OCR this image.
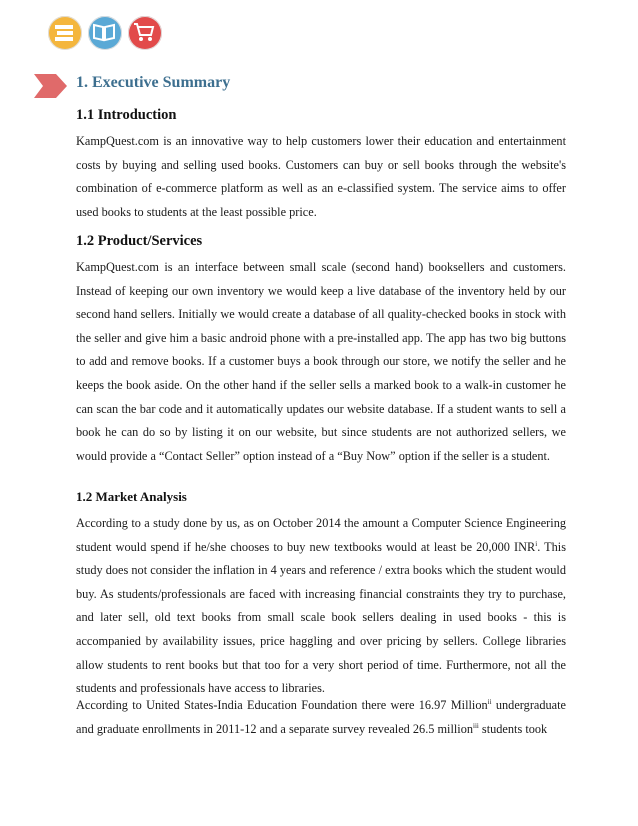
1. Executive Summary
1.1 Introduction

KampQuest.com is an innovative way to help customers lower their education and entertainment costs by buying and selling used books. Customers can buy or sell books through the website's combination of e-commerce platform as well as an e-classified system. The service aims to offer used books to students at the least possible price.

1.2 Product/Services

KampQuest.com is an interface between small scale (second hand) booksellers and customers. Instead of keeping our own inventory we would keep a live database of the inventory held by our second hand sellers. Initially we would create a database of all quality-checked books in stock with the seller and give him a basic android phone with a pre-installed app. The app has two big buttons to add and remove books. If a customer buys a book through our store, we notify the seller and he keeps the book aside. On the other hand if the seller sells a marked book to a walk-in customer he can scan the bar code and it automatically updates our website database. If a student wants to sell a book he can do so by listing it on our website, but since students are not authorized sellers, we would provide a “Contact Seller” option instead of a “Buy Now” option if the seller is a student.

1.2 Market Analysis

According to a study done by us, as on October 2014 the amount a Computer Science Engineering student would spend if he/she chooses to buy new textbooks would at least be 20,000 INR$^i$. This study does not consider the inflation in 4 years and reference / extra books which the student would buy. As students/professionals are faced with increasing financial constraints they try to purchase, and later sell, old text books from small scale book sellers dealing in used books - this is accompanied by availability issues, price haggling and over pricing by sellers. College libraries allow students to rent books but that too for a very short period of time. Furthermore, not all the students and professionals have access to libraries.

According to United States-India Education Foundation there were 16.97 Million$^{ii}$ undergraduate and graduate enrollments in 2011-12 and a separate survey revealed 26.5 million$^{iii}$ students took
